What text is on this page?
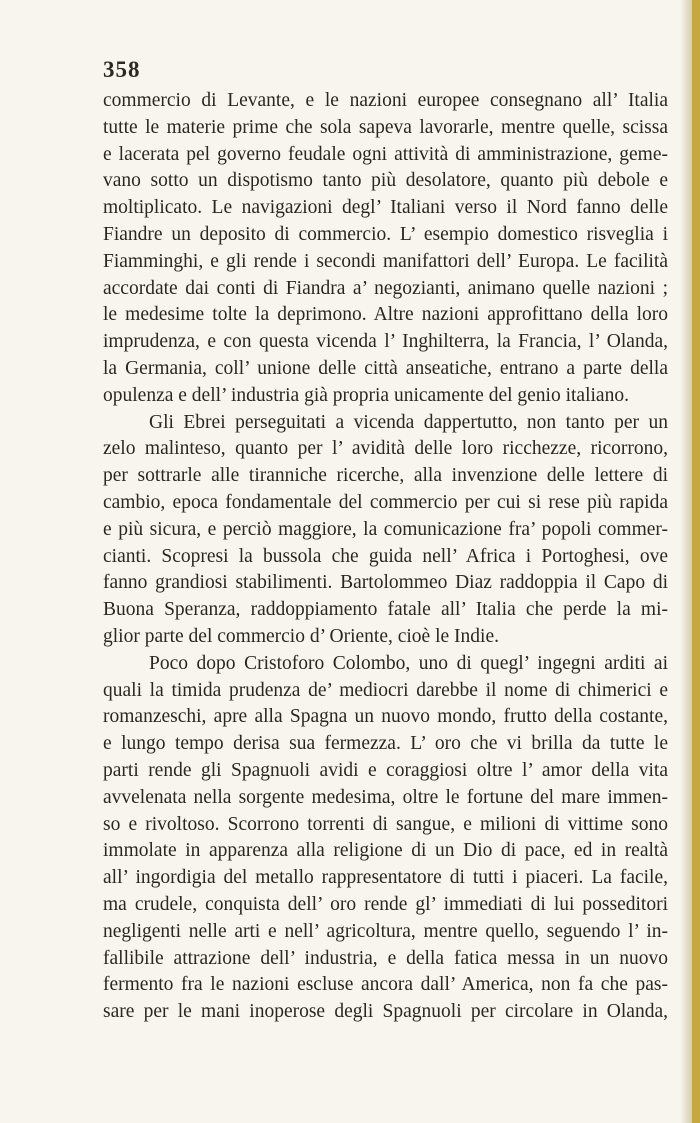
358
commercio di Levante, e le nazioni europee consegnano all’ Italia
tutte le materie prime che sola sapeva lavorarle, mentre quelle, scissa
e lacerata pel governo feudale ogni attività di amministrazione, geme-
vano sotto un dispotismo tanto più desolatore, quanto più debole e
moltiplicato. Le navigazioni degl’ Italiani verso il Nord fanno delle
Fiandre un deposito di commercio. L’ esempio domestico risveglia i
Fiamminghi, e gli rende i secondi manifattori dell’ Europa. Le facilità
accordate dai conti di Fiandra a’ negozianti, animano quelle nazioni ;
le medesime tolte la deprimono. Altre nazioni approfittano della loro
imprudenza, e con questa vicenda l’ Inghilterra, la Francia, l’ Olanda,
la Germania, coll’ unione delle città anseatiche, entrano a parte della
opulenza e dell’ industria già propria unicamente del genio italiano.
Gli Ebrei perseguitati a vicenda dappertutto, non tanto per un
zelo malinteso, quanto per l’ avidità delle loro ricchezze, ricorrono,
per sottrarle alle tiranniche ricerche, alla invenzione delle lettere di
cambio, epoca fondamentale del commercio per cui si rese più rapida
e più sicura, e perciò maggiore, la comunicazione fra’ popoli commer-
cianti. Scopresi la bussola che guida nell’ Africa i Portoghesi, ove
fanno grandiosi stabilimenti. Bartolommeo Diaz raddoppia il Capo di
Buona Speranza, raddoppiamento fatale all’ Italia che perde la mi-
glior parte del commercio d’ Oriente, cioè le Indie.
Poco dopo Cristoforo Colombo, uno di quegl’ ingegni arditi ai
quali la timida prudenza de’ mediocri darebbe il nome di chimerici e
romanzeschi, apre alla Spagna un nuovo mondo, frutto della costante,
e lungo tempo derisa sua fermezza. L’ oro che vi brilla da tutte le
parti rende gli Spagnuoli avidi e coraggiosi oltre l’ amor della vita
avvelenata nella sorgente medesima, oltre le fortune del mare immen-
so e rivoltoso. Scorrono torrenti di sangue, e milioni di vittime sono
immolate in apparenza alla religione di un Dio di pace, ed in realtà
all’ ingordigia del metallo rappresentatore di tutti i piaceri. La facile,
ma crudele, conquista dell’ oro rende gl’ immediati di lui posseditori
negligenti nelle arti e nell’ agricoltura, mentre quello, seguendo l’ in-
fallibile attrazione dell’ industria, e della fatica messa in un nuovo
fermento fra le nazioni escluse ancora dall’ America, non fa che pas-
sare per le mani inoperose degli Spagnuoli per circolare in Olanda,
